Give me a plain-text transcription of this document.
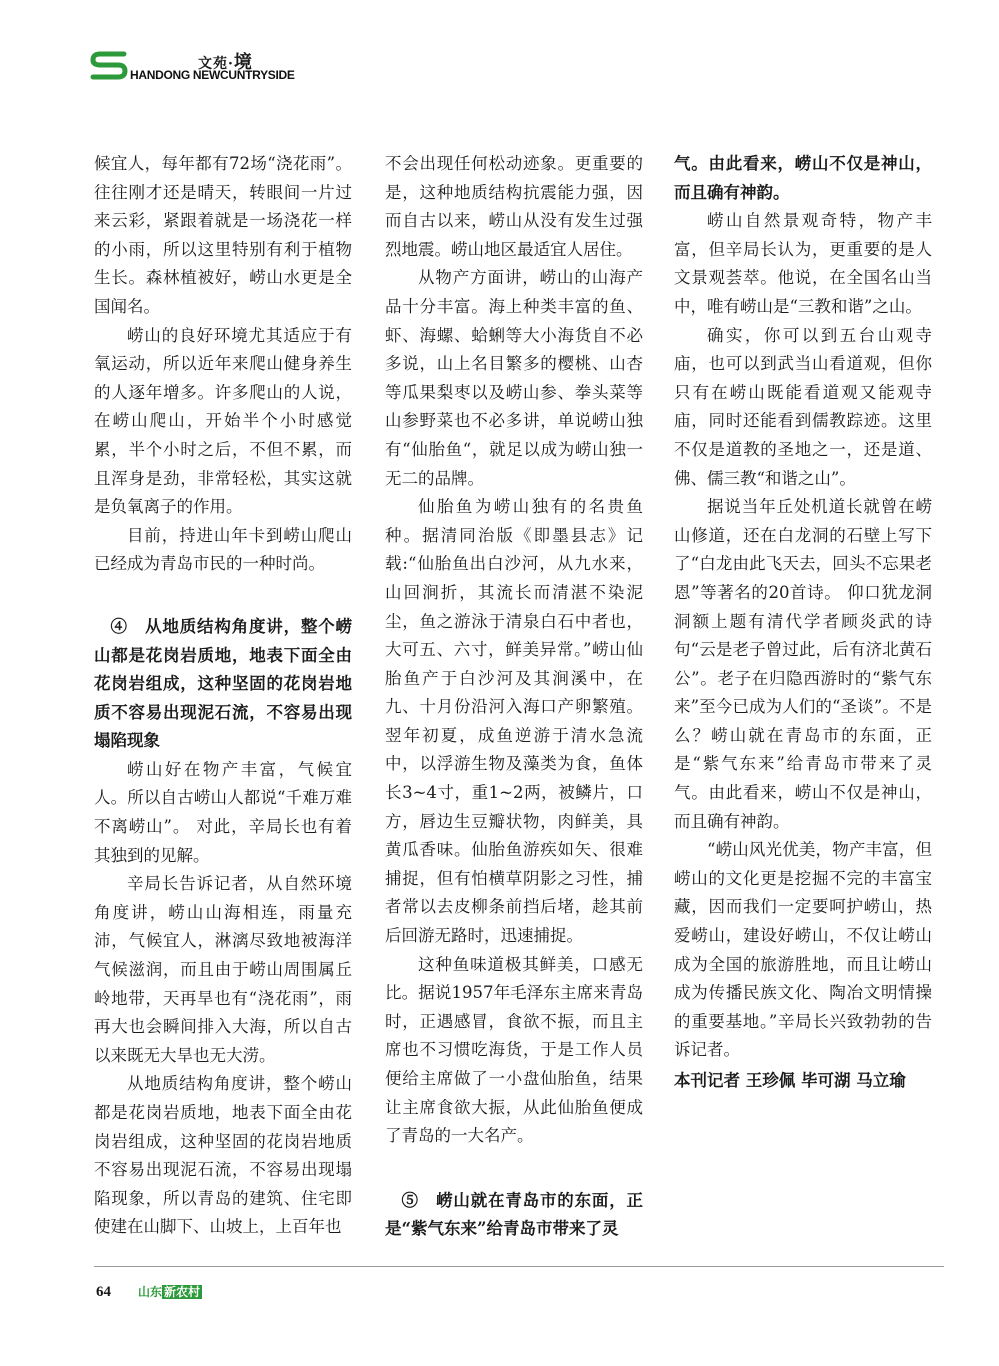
文苑·境
HANDONG NEWCUNTRYSIDE

候宜人，每年都有72场“浇花雨”。往往刚才还是晴天，转眼间一片过来云彩，紧跟着就是一场浇花一样的小雨，所以这里特别有利于植物生长。森林植被好，崂山水更是全国闻名。

崂山的良好环境尤其适应于有氧运动，所以近年来爬山健身养生的人逐年增多。许多爬山的人说，在崂山爬山，开始半个小时感觉累，半个小时之后，不但不累，而且浑身是劲，非常轻松，其实这就是负氧离子的作用。

目前，持进山年卡到崂山爬山已经成为青岛市民的一种时尚。

④　从地质结构角度讲，整个崂山都是花岗岩质地，地表下面全由花岗岩组成，这种坚固的花岗岩地质不容易出现泥石流，不容易出现塌陷现象

崂山好在物产丰富，气候宜人。所以自古崂山人都说“千难万难不离崂山”。 对此，辛局长也有着其独到的见解。

辛局长告诉记者，从自然环境角度讲，崂山山海相连，雨量充沛，气候宜人，淋漓尽致地被海洋气候滋润，而且由于崂山周围属丘岭地带，天再旱也有“浇花雨”，雨再大也会瞬间排入大海，所以自古以来既无大旱也无大涝。

从地质结构角度讲，整个崂山都是花岗岩质地，地表下面全由花岗岩组成，这种坚固的花岗岩地质不容易出现泥石流，不容易出现塌陷现象，所以青岛的建筑、住宅即使建在山脚下、山坡上，上百年也

不会出现任何松动迹象。更重要的是，这种地质结构抗震能力强，因而自古以来，崂山从没有发生过强烈地震。崂山地区最适宜人居住。

从物产方面讲，崂山的山海产品十分丰富。海上种类丰富的鱼、虾、海螺、蛤蜊等大小海货自不必多说，山上名目繁多的樱桃、山杏等瓜果梨枣以及崂山参、拳头菜等山参野菜也不必多讲，单说崂山独有“仙胎鱼“，就足以成为崂山独一无二的品牌。

仙胎鱼为崂山独有的名贵鱼种。据清同治版《即墨县志》记载:“仙胎鱼出白沙河，从九水来，山回涧折，其流长而清湛不染泥尘，鱼之游泳于清泉白石中者也，大可五、六寸，鲜美异常。”崂山仙胎鱼产于白沙河及其涧溪中，在九、十月份沿河入海口产卵繁殖。翌年初夏，成鱼逆游于清水急流中，以浮游生物及藻类为食，鱼体长3~4寸，重1~2两，被鳞片，口方，唇边生豆瓣状物，肉鲜美，具黄瓜香味。仙胎鱼游疾如矢、很难捕捉，但有怕横草阴影之习性，捕者常以去皮柳条前挡后堵，趁其前后回游无路时，迅速捕捉。

这种鱼味道极其鲜美，口感无比。据说1957年毛泽东主席来青岛时，正遇感冒，食欲不振，而且主席也不习惯吃海货，于是工作人员便给主席做了一小盘仙胎鱼，结果让主席食欲大振，从此仙胎鱼便成了青岛的一大名产。

⑤　崂山就在青岛市的东面，正是“紫气东来”给青岛市带来了灵

气。由此看来，崂山不仅是神山，而且确有神韵。

崂山自然景观奇特，物产丰富，但辛局长认为，更重要的是人文景观荟萃。他说，在全国名山当中，唯有崂山是“三教和谐”之山。

确实，你可以到五台山观寺庙，也可以到武当山看道观，但你只有在崂山既能看道观又能观寺庙，同时还能看到儒教踪迹。这里不仅是道教的圣地之一，还是道、佛、儒三教“和谐之山”。

据说当年丘处机道长就曾在崂山修道，还在白龙洞的石壁上写下了“白龙由此飞天去，回头不忘果老恩”等著名的20首诗。 仰口犹龙洞洞额上题有清代学者顾炎武的诗句“云是老子曾过此，后有济北黄石公”。老子在归隐西游时的“紫气东来”至今已成为人们的“圣谈”。不是么？崂山就在青岛市的东面，正是“紫气东来”给青岛市带来了灵气。由此看来，崂山不仅是神山，而且确有神韵。

“崂山风光优美，物产丰富，但崂山的文化更是挖掘不完的丰富宝藏，因而我们一定要呵护崂山，热爱崂山，建设好崂山，不仅让崂山成为全国的旅游胜地，而且让崂山成为传播民族文化、陶冶文明情操的重要基地。”辛局长兴致勃勃的告诉记者。

本刊记者 王珍佩 毕可湖 马立瑜

64 山东 新农村
